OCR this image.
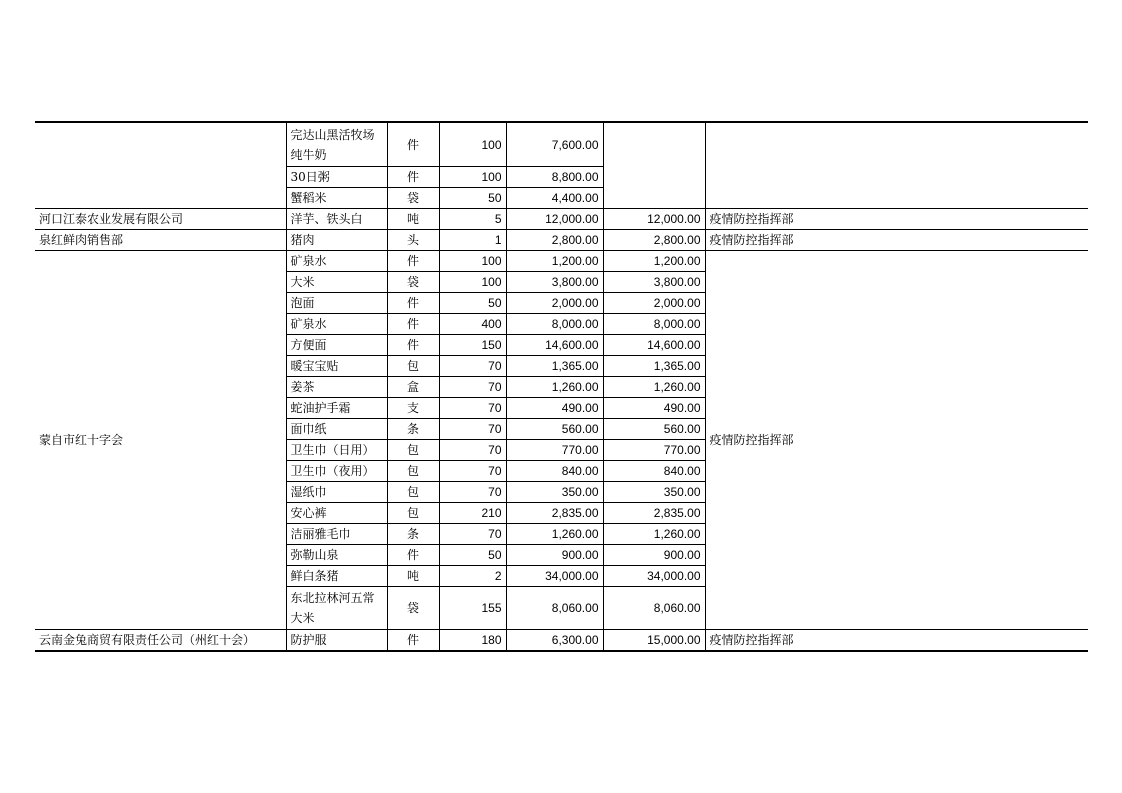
	完达山黑活牧场纯牛奶	件	100	7,600.00		
	30日粥	件	100	8,800.00		
	蟹稻米	袋	50	4,400.00		
河口江泰农业发展有限公司	洋芋、铁头白	吨	5	12,000.00	12,000.00	疫情防控指挥部
泉红鲜肉销售部	猪肉	头	1	2,800.00	2,800.00	疫情防控指挥部
蒙自市红十字会	矿泉水	件	100	1,200.00	1,200.00	疫情防控指挥部
	大米	袋	100	3,800.00	3,800.00	
	泡面	件	50	2,000.00	2,000.00	
	矿泉水	件	400	8,000.00	8,000.00	
	方便面	件	150	14,600.00	14,600.00	
	暖宝宝贴	包	70	1,365.00	1,365.00	
	姜茶	盒	70	1,260.00	1,260.00	
	蛇油护手霜	支	70	490.00	490.00	
	面巾纸	条	70	560.00	560.00	
	卫生巾（日用）	包	70	770.00	770.00	
	卫生巾（夜用）	包	70	840.00	840.00	
	湿纸巾	包	70	350.00	350.00	
	安心裤	包	210	2,835.00	2,835.00	
	洁丽雅毛巾	条	70	1,260.00	1,260.00	
	弥勒山泉	件	50	900.00	900.00	
	鲜白条猪	吨	2	34,000.00	34,000.00	
	东北拉林河五常大米	袋	155	8,060.00	8,060.00	
云南金兔商贸有限责任公司（州红十会）	防护服	件	180	6,300.00	15,000.00	疫情防控指挥部
